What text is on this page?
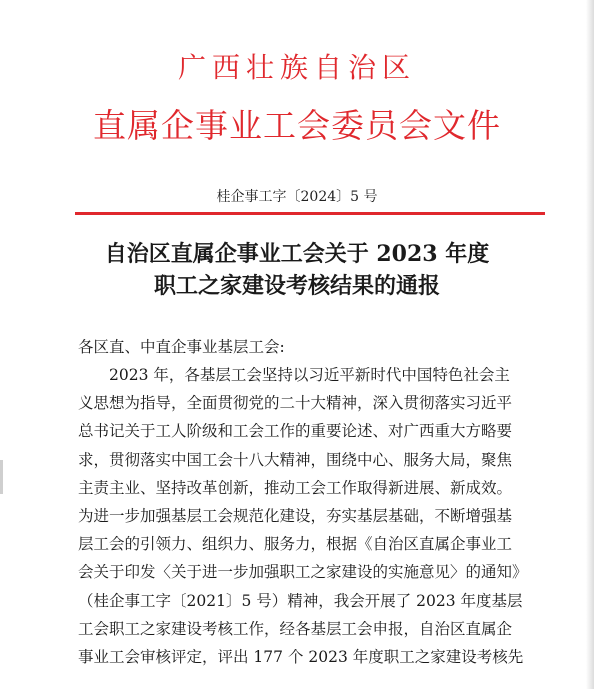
广西壮族自治区
直属企事业工会委员会文件
桂企事工字〔2024〕5 号
自治区直属企事业工会关于 2023 年度
职工之家建设考核结果的通报
各区直、中直企事业基层工会:
2023 年，各基层工会坚持以习近平新时代中国特色社会主
义思想为指导，全面贯彻党的二十大精神，深入贯彻落实习近平
总书记关于工人阶级和工会工作的重要论述、对广西重大方略要
求，贯彻落实中国工会十八大精神，围绕中心、服务大局，聚焦
主责主业、坚持改革创新，推动工会工作取得新进展、新成效。
为进一步加强基层工会规范化建设，夯实基层基础，不断增强基
层工会的引领力、组织力、服务力，根据《自治区直属企事业工
会关于印发〈关于进一步加强职工之家建设的实施意见〉的通知》
（桂企事工字〔2021〕5 号）精神，我会开展了 2023 年度基层
工会职工之家建设考核工作，经各基层工会申报，自治区直属企
事业工会审核评定，评出 177 个 2023 年度职工之家建设考核先
